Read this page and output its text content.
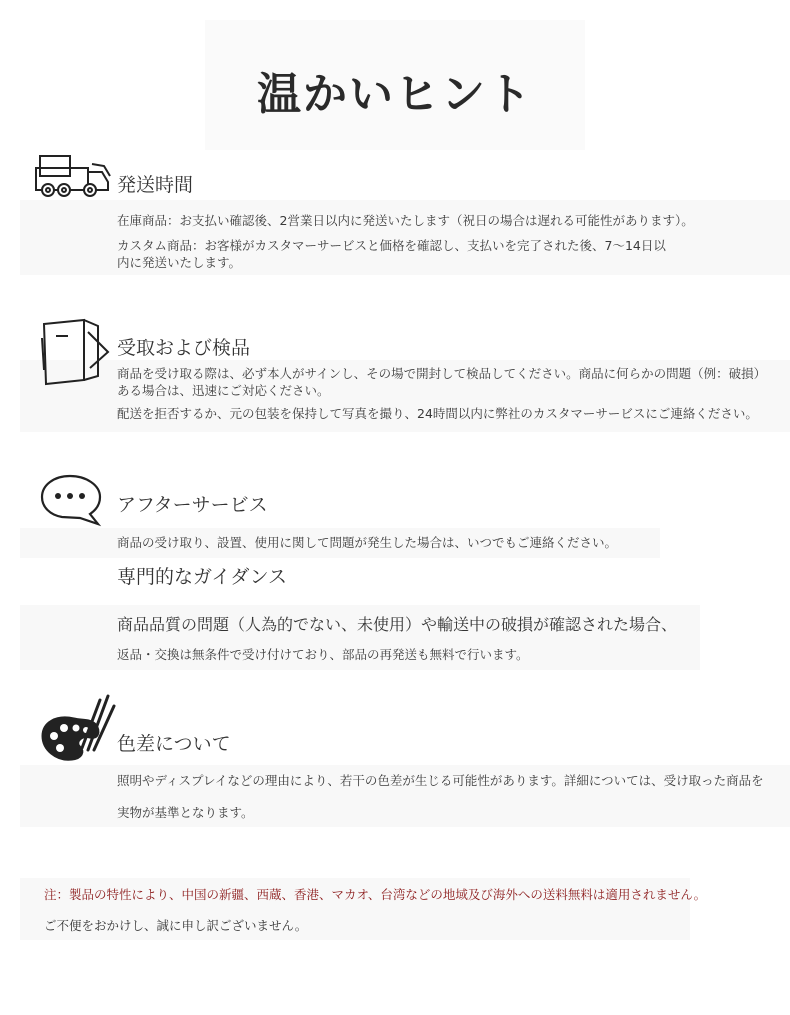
温かいヒント
発送時間
在庫商品：お支払い確認後、2営業日以内に発送いたします（祝日の場合は遅れる可能性があります）。
カスタム商品：お客様がカスタマーサービスと価格を確認し、支払いを完了された後、7〜14日以
内に発送いたします。
受取および検品
商品を受け取る際は、必ず本人がサインし、その場で開封して検品してください。商品に何らかの問題（例：破損）
ある場合は、迅速にご対応ください。
配送を拒否するか、元の包装を保持して写真を撮り、24時間以内に弊社のカスタマーサービスにご連絡ください。
アフターサービス
商品の受け取り、設置、使用に関して問題が発生した場合は、いつでもご連絡ください。
専門的なガイダンス
商品品質の問題（人為的でない、未使用）や輸送中の破損が確認された場合、
返品・交換は無条件で受け付けており、部品の再発送も無料で行います。
色差について
照明やディスプレイなどの理由により、若干の色差が生じる可能性があります。詳細については、受け取った商品を
実物が基準となります。
注：製品の特性により、中国の新疆、西蔵、香港、マカオ、台湾などの地域及び海外への送料無料は適用されません。
ご不便をおかけし、誠に申し訳ございません。
